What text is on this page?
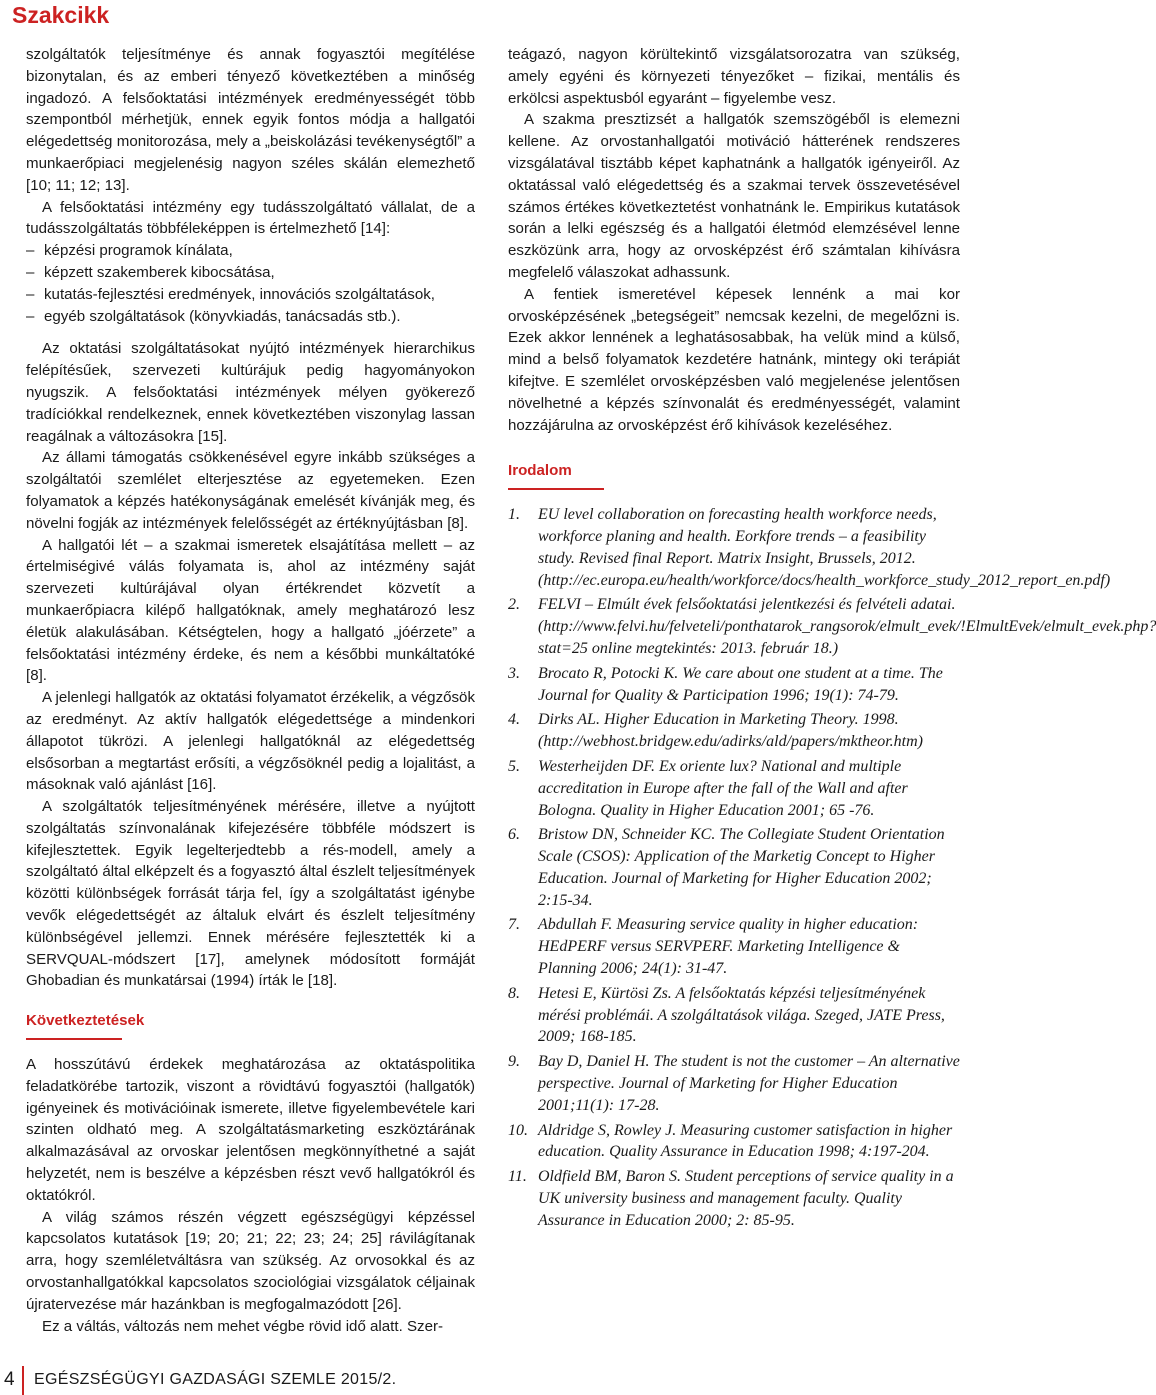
Szakcikk

szolgáltatók teljesítménye és annak fogyasztói megítélése bizonytalan, és az emberi tényező következtében a minőség ingadozó. A felsőoktatási intézmények eredményességét több szempontból mérhetjük, ennek egyik fontos módja a hallgatói elégedettség monitorozása, mely a „beiskolázási tevékenységtől” a munkaerőpiaci megjelenésig nagyon széles skálán elemezhető [10; 11; 12; 13].

A felsőoktatási intézmény egy tudásszolgáltató vállalat, de a tudásszolgáltatás többféleképpen is értelmezhető [14]:

– képzési programok kínálata,
– képzett szakemberek kibocsátása,
– kutatás-fejlesztési eredmények, innovációs szolgáltatások,
– egyéb szolgáltatások (könyvkiadás, tanácsadás stb.).

Az oktatási szolgáltatásokat nyújtó intézmények hierarchikus felépítésűek, szervezeti kultúrájuk pedig hagyományokon nyugszik. A felsőoktatási intézmények mélyen gyökerező tradíciókkal rendelkeznek, ennek következtében viszonylag lassan reagálnak a változásokra [15].

Az állami támogatás csökkenésével egyre inkább szükséges a szolgáltatói szemlélet elterjesztése az egyetemeken. Ezen folyamatok a képzés hatékonyságának emelését kívánják meg, és növelni fogják az intézmények felelősségét az értéknyújtásban [8].

A hallgatói lét – a szakmai ismeretek elsajátítása mellett – az értelmiségivé válás folyamata is, ahol az intézmény saját szervezeti kultúrájával olyan értékrendet közvetít a munkaerőpiacra kilépő hallgatóknak, amely meghatározó lesz életük alakulásában. Kétségtelen, hogy a hallgató „jóérzete” a felsőoktatási intézmény érdeke, és nem a későbbi munkáltatóké [8].

A jelenlegi hallgatók az oktatási folyamatot érzékelik, a végzősök az eredményt. Az aktív hallgatók elégedettsége a mindenkori állapotot tükrözi. A jelenlegi hallgatóknál az elégedettség elsősorban a megtartást erősíti, a végzősöknél pedig a lojalitást, a másoknak való ajánlást [16].

A szolgáltatók teljesítményének mérésére, illetve a nyújtott szolgáltatás színvonalának kifejezésére többféle módszert is kifejlesztettek. Egyik legelterjedtebb a rés-modell, amely a szolgáltató által elképzelt és a fogyasztó által észlelt teljesítmények közötti különbségek forrását tárja fel, így a szolgáltatást igénybe vevők elégedettségét az általuk elvárt és észlelt teljesítmény különbségével jellemzi. Ennek mérésére fejlesztették ki a SERVQUAL-módszert [17], amelynek módosított formáját Ghobadian és munkatársai (1994) írták le [18].

Következtetések

A hosszútávú érdekek meghatározása az oktatáspolitika feladatkörébe tartozik, viszont a rövidtávú fogyasztói (hallgatók) igényeinek és motivációinak ismerete, illetve figyelembevétele kari szinten oldható meg. A szolgáltatásmarketing eszköztárának alkalmazásával az orvoskar jelentősen megkönnyíthetné a saját helyzetét, nem is beszélve a képzésben részt vevő hallgatókról és oktatókról.

A világ számos részén végzett egészségügyi képzéssel kapcsolatos kutatások [19; 20; 21; 22; 23; 24; 25] rávilágítanak arra, hogy szemléletváltásra van szükség. Az orvosokkal és az orvostanhallgatókkal kapcsolatos szociológiai vizsgálatok céljainak újratervezése már hazánkban is megfogalmazódott [26].

Ez a váltás, változás nem mehet végbe rövid idő alatt. Szer-

teágazó, nagyon körültekintő vizsgálatsorozatra van szükség, amely egyéni és környezeti tényezőket – fizikai, mentális és erkölcsi aspektusból egyaránt – figyelembe vesz.

A szakma presztizsét a hallgatók szemszögéből is elemezni kellene. Az orvostanhallgatói motiváció hátterének rendszeres vizsgálatával tisztább képet kaphatnánk a hallgatók igényeiről. Az oktatással való elégedettség és a szakmai tervek összevetésével számos értékes következtetést vonhatnánk le. Empirikus kutatások során a lelki egészség és a hallgatói életmód elemzésével lenne eszközünk arra, hogy az orvosképzést érő számtalan kihívásra megfelelő válaszokat adhassunk.

A fentiek ismeretével képesek lennénk a mai kor orvosképzésének „betegségeit” nemcsak kezelni, de megelőzni is. Ezek akkor lennének a leghatásosabbak, ha velük mind a külső, mind a belső folyamatok kezdetére hatnánk, mintegy oki terápiát kifejtve. E szemlélet orvosképzésben való megjelenése jelentősen növelhetné a képzés színvonalát és eredményességét, valamint hozzájárulna az orvosképzést érő kihívások kezeléséhez.

Irodalom
1. EU level collaboration on forecasting health workforce needs, workforce planing and health. Eorkfore trends – a feasibility study. Revised final Report. Matrix Insight, Brussels, 2012. (http://ec.europa.eu/health/workforce/docs/health_workforce_study_2012_report_en.pdf)
2. FELVI – Elmúlt évek felsőoktatási jelentkezési és felvételi adatai. (http://www.felvi.hu/felveteli/ponthatarok_rangsorok/elmult_evek/!ElmultEvek/elmult_evek.php?stat=25 online megtekintés: 2013. február 18.)
3. Brocato R, Potocki K. We care about one student at a time. The Journal for Quality & Participation 1996; 19(1): 74-79.
4. Dirks AL. Higher Education in Marketing Theory. 1998. (http://webhost.bridgew.edu/adirks/ald/papers/mktheor.htm)
5. Westerheijden DF. Ex oriente lux? National and multiple accreditation in Europe after the fall of the Wall and after Bologna. Quality in Higher Education 2001; 65 -76.
6. Bristow DN, Schneider KC. The Collegiate Student Orientation Scale (CSOS): Application of the Marketig Concept to Higher Education. Journal of Marketing for Higher Education 2002; 2:15-34.
7. Abdullah F. Measuring service quality in higher education: HEdPERF versus SERVPERF. Marketing Intelligence & Planning 2006; 24(1): 31-47.
8. Hetesi E, Kürtösi Zs. A felsőoktatás képzési teljesítményének mérési problémái. A szolgáltatások világa. Szeged, JATE Press, 2009; 168-185.
9. Bay D, Daniel H. The student is not the customer – An alternative perspective. Journal of Marketing for Higher Education 2001;11(1): 17-28.
10. Aldridge S, Rowley J. Measuring customer satisfaction in higher education. Quality Assurance in Education 1998; 4:197-204.
11. Oldfield BM, Baron S. Student perceptions of service quality in a UK university business and management faculty. Quality Assurance in Education 2000; 2: 85-95.
4 EGÉSZSÉGÜGYI GAZDASÁGI SZEMLE 2015/2.
